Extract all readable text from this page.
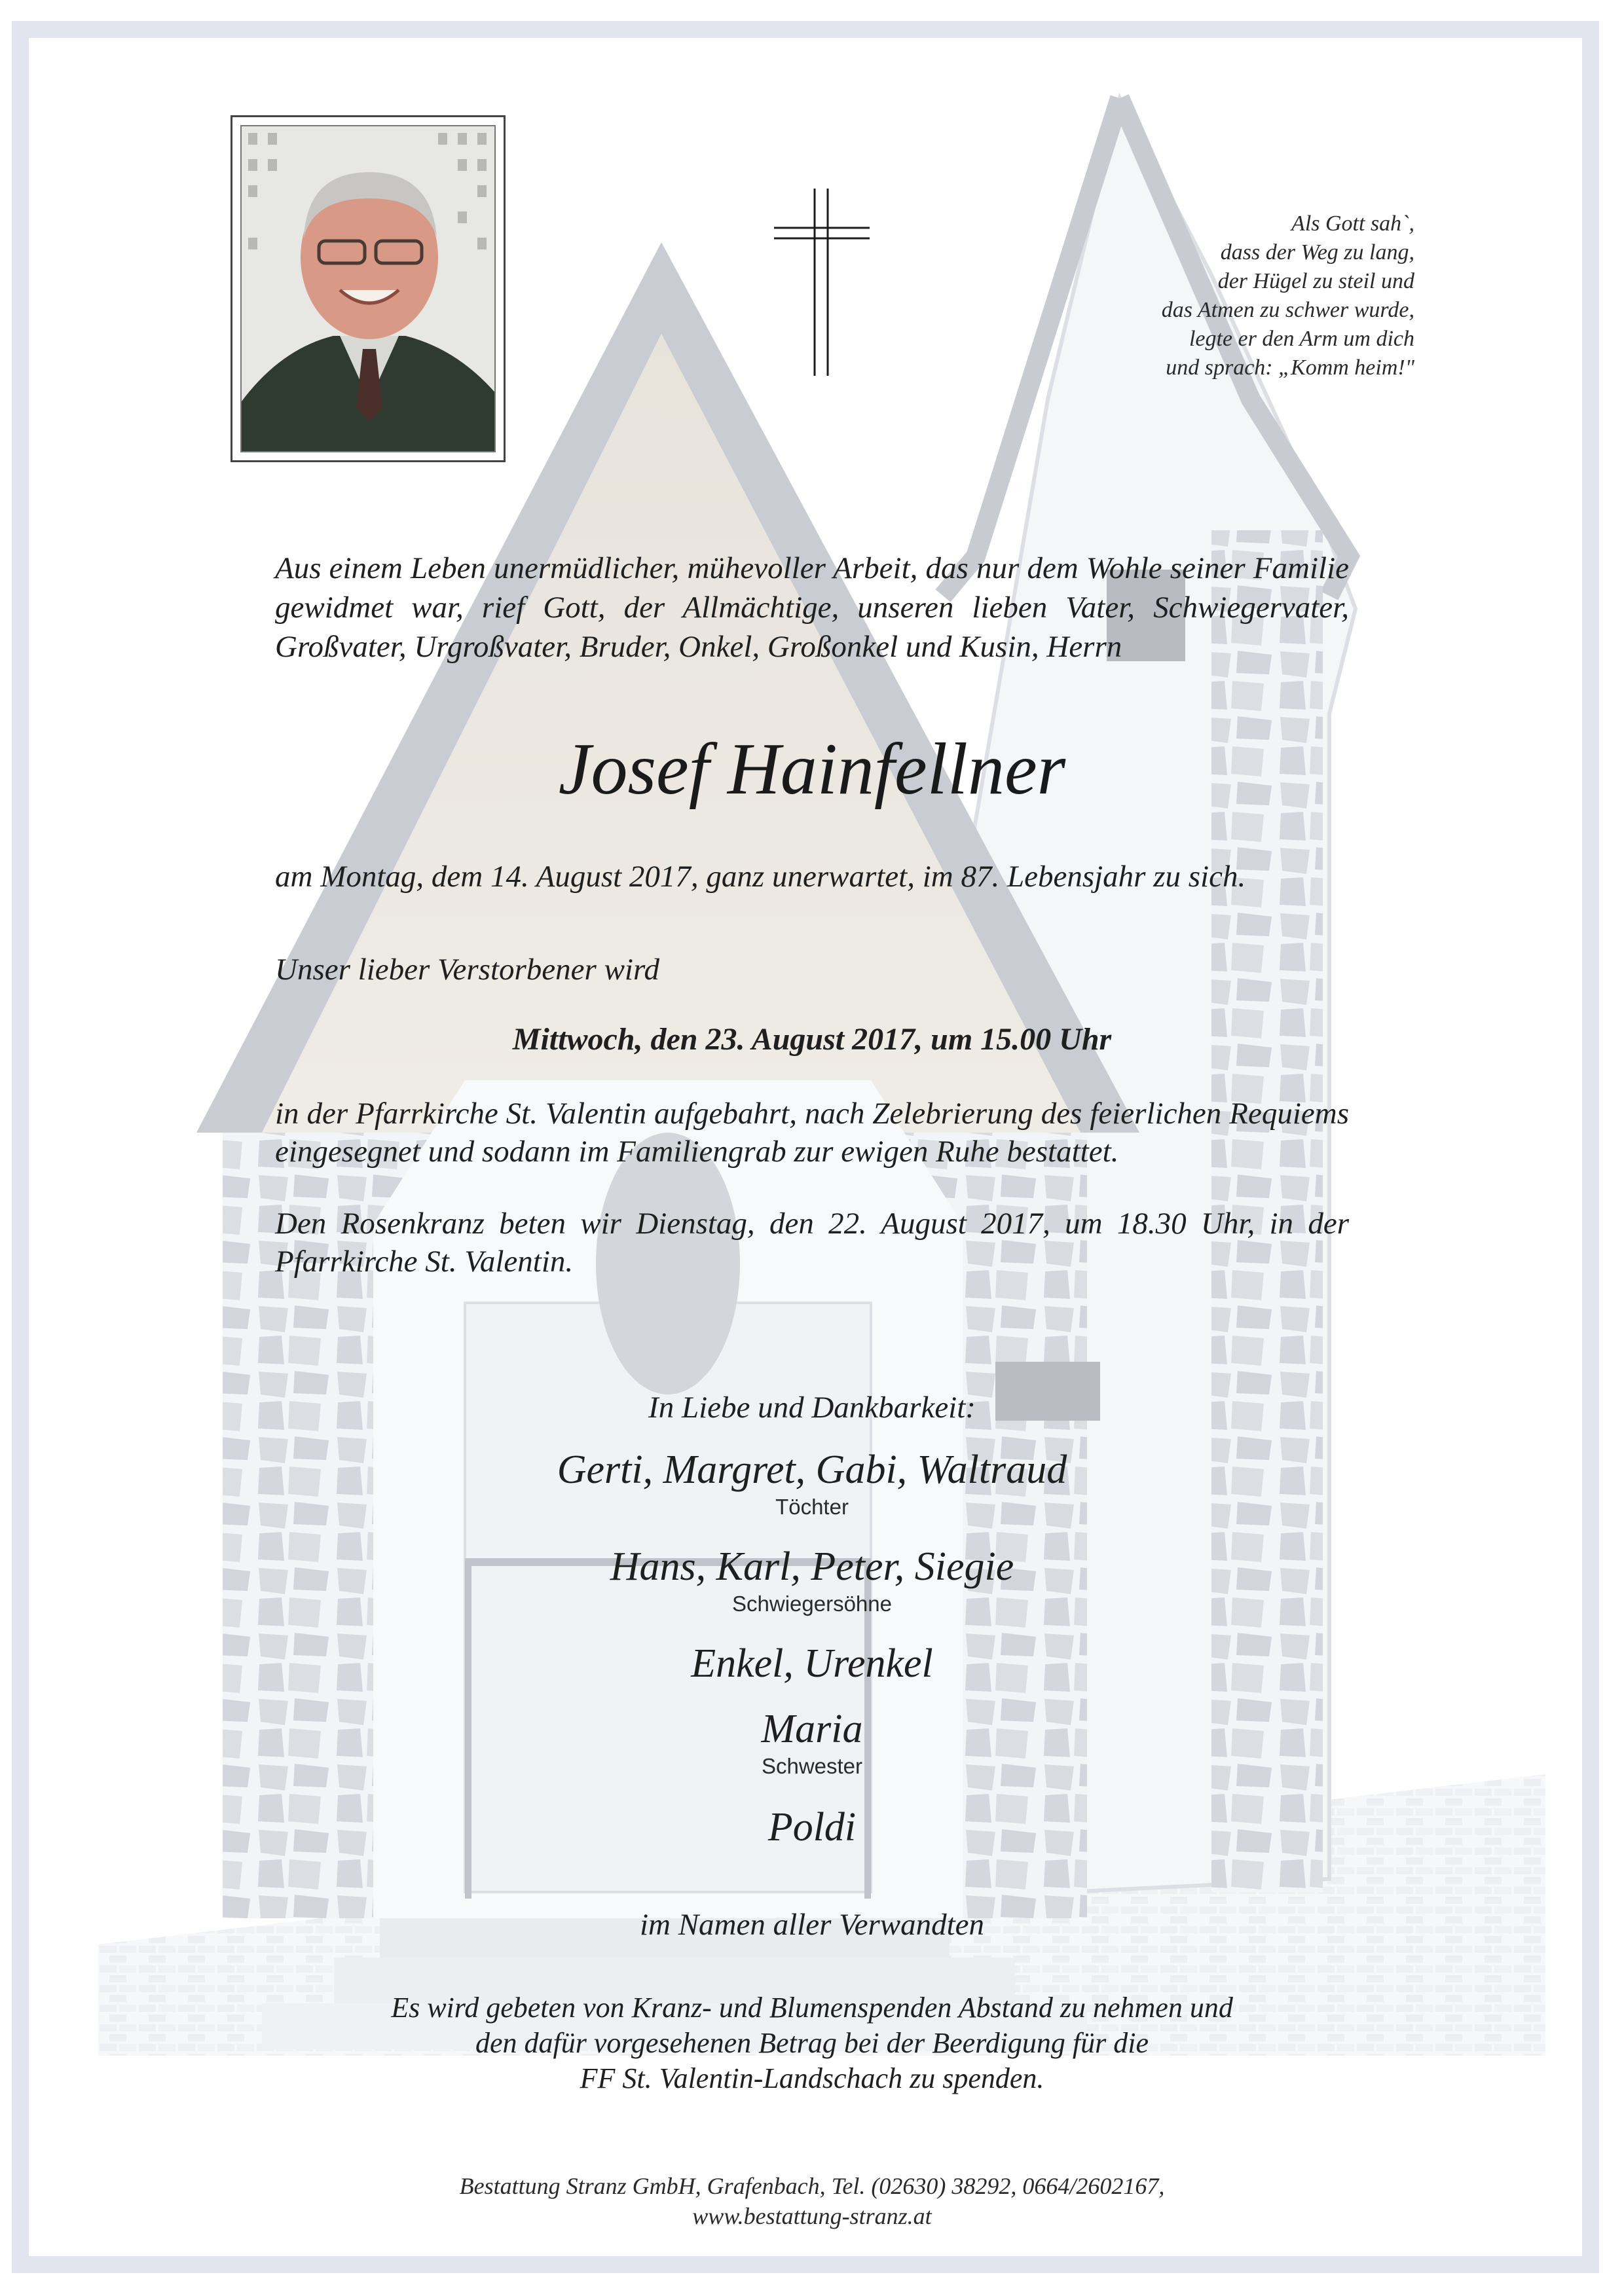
Als Gott sah`,
dass der Weg zu lang,
der Hügel zu steil und
das Atmen zu schwer wurde,
legte er den Arm um dich
und sprach: „Komm heim!"
Aus einem Leben unermüdlicher, mühevoller Arbeit, das nur dem Wohle seiner Familie gewidmet war, rief Gott, der Allmächtige, unseren lieben Vater, Schwiegervater, Großvater, Urgroßvater, Bruder, Onkel, Großonkel und Kusin, Herrn
Josef Hainfellner
am Montag, dem 14. August 2017, ganz unerwartet, im 87. Lebensjahr zu sich.
Unser lieber Verstorbener wird
Mittwoch, den 23. August 2017, um 15.00 Uhr
in der Pfarrkirche St. Valentin aufgebahrt, nach Zelebrierung des feierlichen Requiems eingesegnet und sodann im Familiengrab zur ewigen Ruhe bestattet.
Den Rosenkranz beten wir Dienstag, den 22. August 2017, um 18.30 Uhr, in der Pfarrkirche St. Valentin.
In Liebe und Dankbarkeit:
Gerti, Margret, Gabi, Waltraud
Töchter
Hans, Karl, Peter, Siegie
Schwiegersöhne
Enkel, Urenkel
Maria
Schwester
Poldi
im Namen aller Verwandten
Es wird gebeten von Kranz- und Blumenspenden Abstand zu nehmen und
den dafür vorgesehenen Betrag bei der Beerdigung für die
FF St. Valentin-Landschach zu spenden.
Bestattung Stranz GmbH, Grafenbach, Tel. (02630) 38292, 0664/2602167,
www.bestattung-stranz.at
